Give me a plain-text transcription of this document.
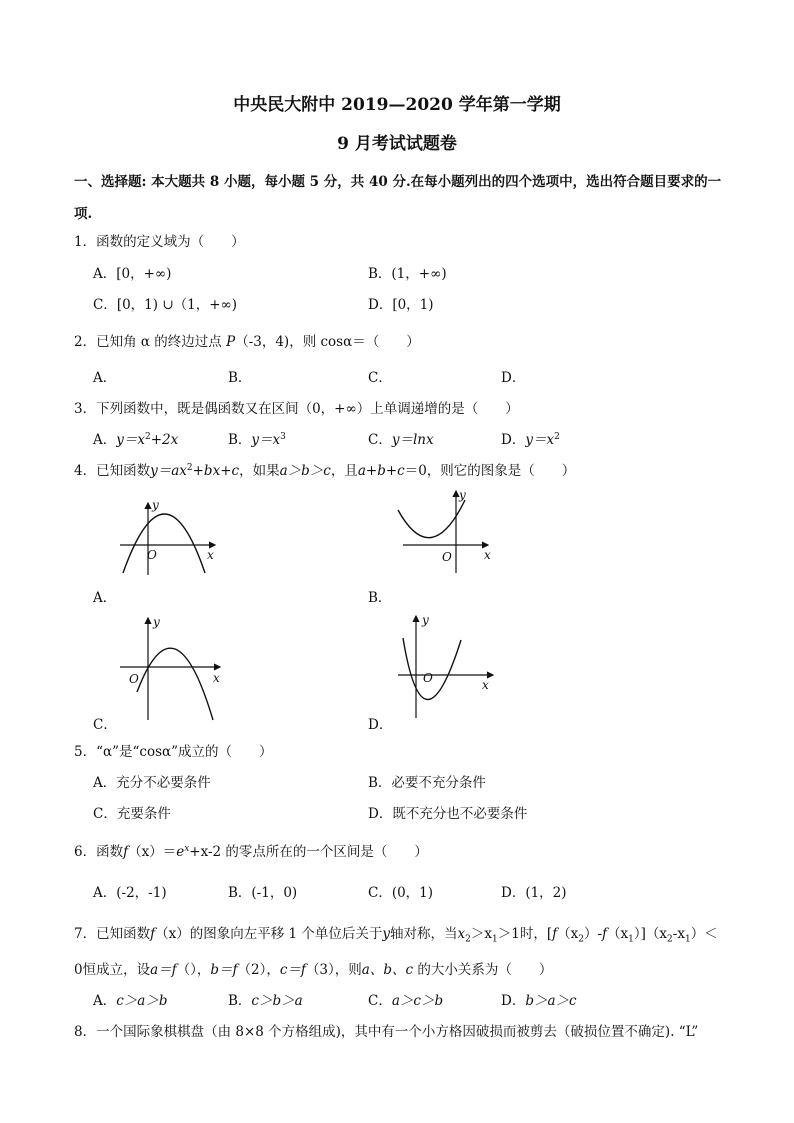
中央民大附中 2019—2020 学年第一学期
9 月考试试题卷
一、选择题: 本大题共 8 小题，每小题 5 分，共 40 分.在每小题列出的四个选项中，选出符合题目要求的一
项.
1．函数的定义域为（　　）
A．[0，+∞)	B．(1，+∞)
C．[0，1) ∪（1，+∞)	D．[0，1)
2．已知角 α 的终边过点 P（-3，4)，则 cosα＝（　　）
A．	B．	C．	D．
3．下列函数中，既是偶函数又在区间（0，+∞）上单调递增的是（　　）
A．$y=x^2+2x$	B．$y=x^3$	C．y＝lnx	D．$y=x^2$
4．已知函数$y=ax^2+bx+c$，如果a＞b＞c，且a+b+c＝0，则它的图象是（　　）
y
x
O
A．
y
x
O
B．
y
x
O
C．
y
x
O
D．
5．“α”是“cosα”成立的（　　）
A．充分不必要条件	B．必要不充分条件
C．充要条件	D．既不充分也不必要条件
6．函数$f(x)=e^x+x-2$ 的零点所在的一个区间是（　　）
A．(-2，-1)	B．(-1，0)	C．(0，1)	D．(1，2)
7．已知函数f（x）的图象向左平移 1 个单位后关于y轴对称，当$x_2>x_1>1$时，$[f(x_2)-f(x_1)](x_2-x_1)<$
0恒成立，设a＝f（），b＝f（2），c＝f（3），则a、b、c 的大小关系为（　　）
A．c＞a＞b	B．c＞b＞a	C．a＞c＞b	D．b＞a＞c
8．一个国际象棋棋盘（由 8×8 个方格组成)，其中有一个小方格因破损而被剪去（破损位置不确定). “L”
